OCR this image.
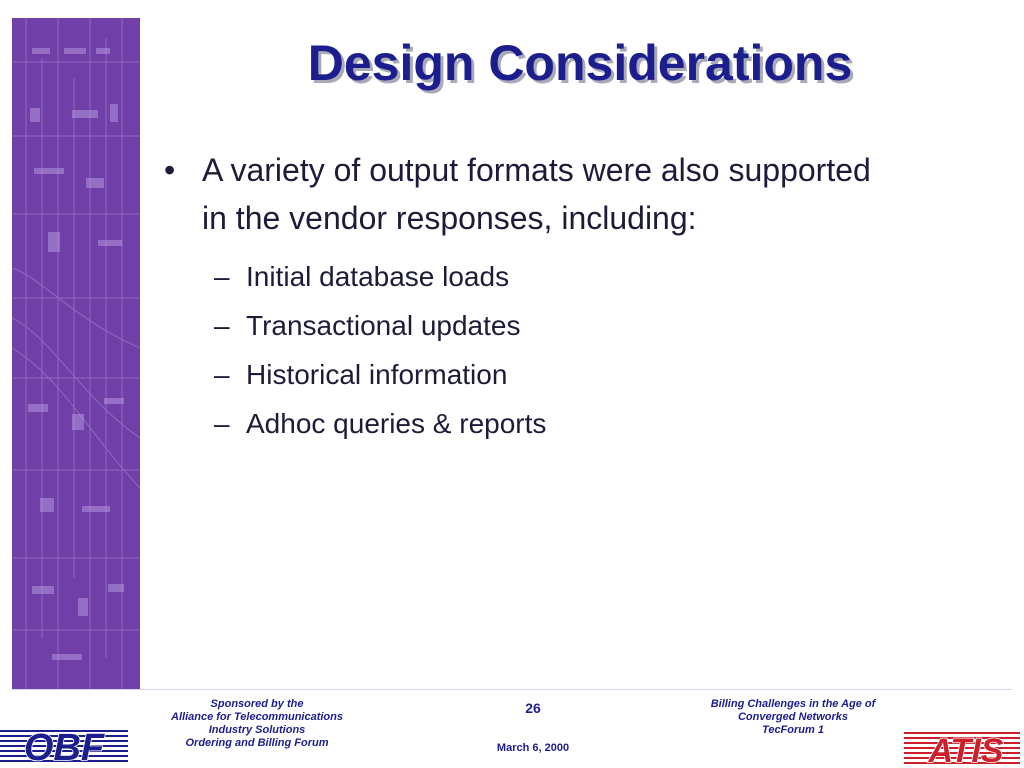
Design Considerations
• A variety of output formats were also supported in the vendor responses, including:
– Initial database loads
– Transactional updates
– Historical information
– Adhoc queries & reports
Sponsored by the
Alliance for Telecommunications
Industry Solutions
Ordering and Billing Forum
26
March 6, 2000
Billing Challenges in the Age of
Converged Networks
TecForum 1
OBF	ATIS
